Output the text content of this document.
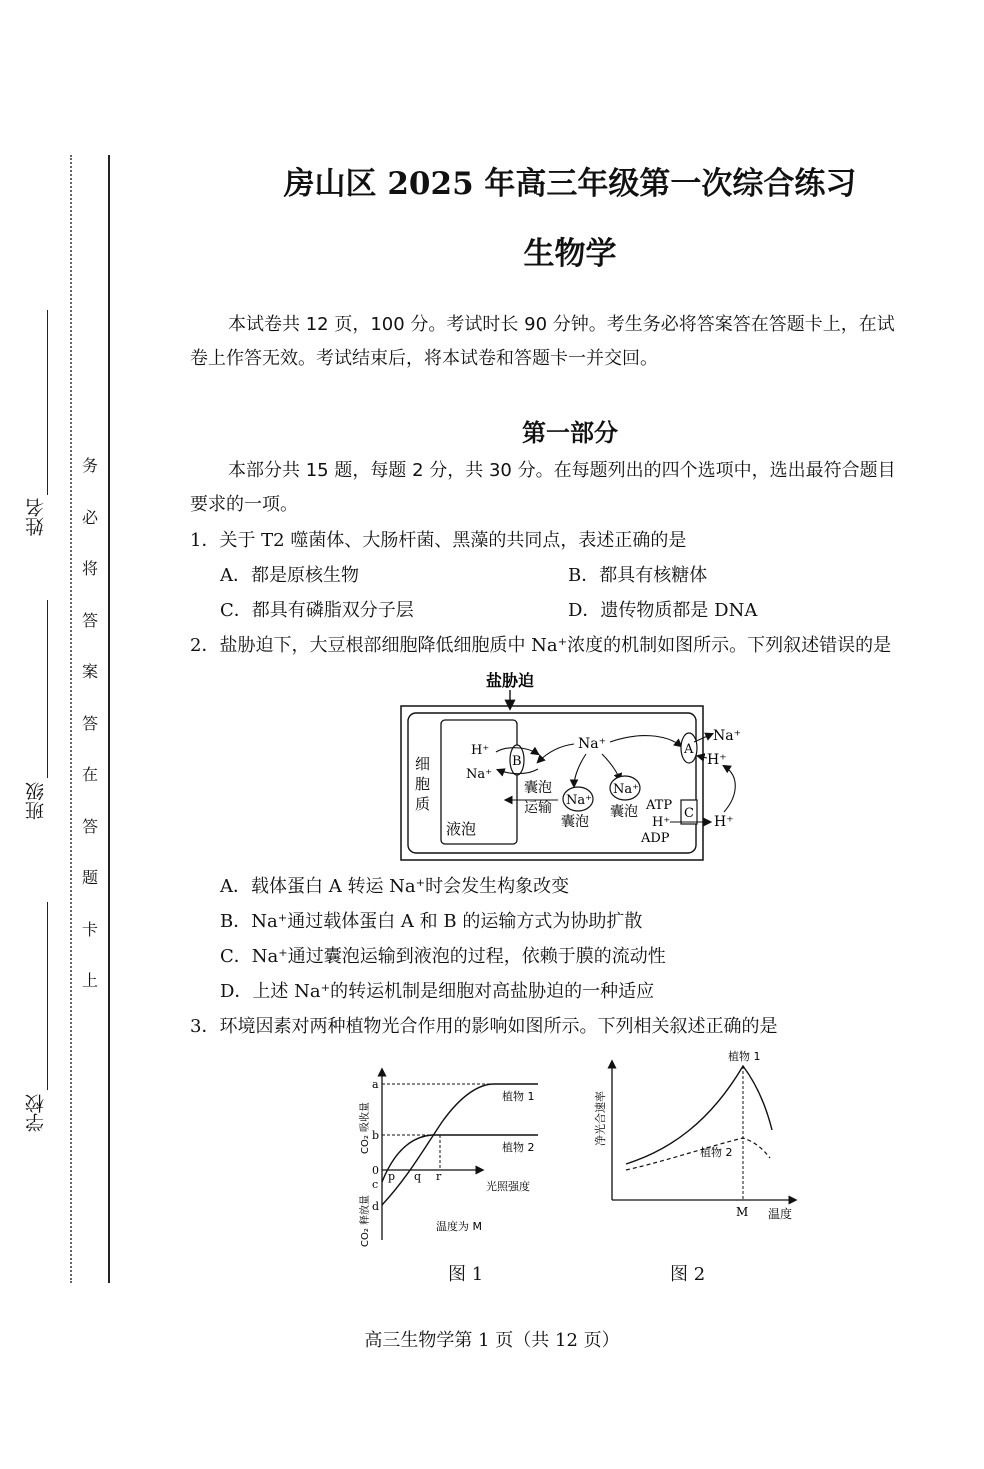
姓名
班级
学校
务
必
将
答
案
答
在
答
题
卡
上
房山区 2025 年高三年级第一次综合练习
生物学
本试卷共 12 页，100 分。考试时长 90 分钟。考生务必将答案答在答题卡上，在试
卷上作答无效。考试结束后，将本试卷和答题卡一并交回。
第一部分
本部分共 15 题，每题 2 分，共 30 分。在每题列出的四个选项中，选出最符合题目
要求的一项。
1．关于 T2 噬菌体、大肠杆菌、黑藻的共同点，表述正确的是
A．都是原核生物	B．都具有核糖体
C．都具有磷脂双分子层	D．遗传物质都是 DNA
2．盐胁迫下，大豆根部细胞降低细胞质中 Na⁺浓度的机制如图所示。下列叙述错误的是
盐胁迫
细
胞
质
液泡
B
H⁺
Na⁺
Na⁺
Na⁺
囊泡
Na⁺
囊泡
囊泡
运输
A
Na⁺
H⁺
C
ATP
H⁺
ADP
H⁺
A．载体蛋白 A 转运 Na⁺时会发生构象改变
B．Na⁺通过载体蛋白 A 和 B 的运输方式为协助扩散
C．Na⁺通过囊泡运输到液泡的过程，依赖于膜的流动性
D．上述 Na⁺的转运机制是细胞对高盐胁迫的一种适应
3．环境因素对两种植物光合作用的影响如图所示。下列相关叙述正确的是
a
b
0
c
d
p q r
光照强度
温度为 M
CO₂ 吸收量
CO₂ 释放量
植物 1
植物 2
图 1
净光合速率
温度
M
植物 1
植物 2
图 2
高三生物学第 1 页（共 12 页）
